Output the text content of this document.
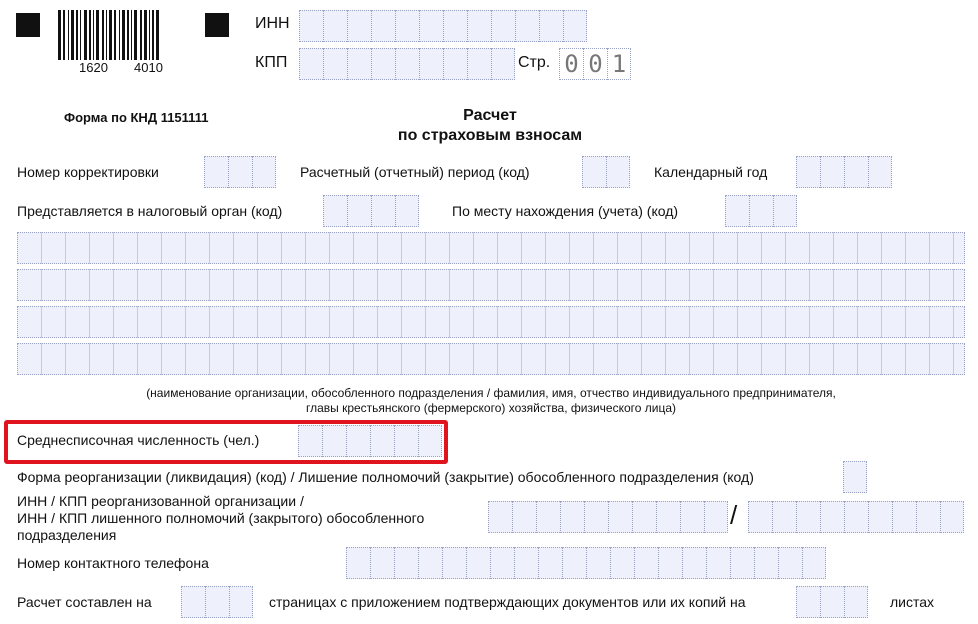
1620 4010
ИНН
КПП	Стр. 0 0 1
Форма по КНД 1151111	Расчет
по страховым взносам
Номер корректировки	Расчетный (отчетный) период (код)	Календарный год
Представляется в налоговый орган (код)	По месту нахождения (учета) (код)
(наименование организации, обособленного подразделения / фамилия, имя, отчество индивидуального предпринимателя,
главы крестьянского (фермерского) хозяйства, физического лица)
Среднесписочная численность (чел.)
Форма реорганизации (ликвидация) (код) / Лишение полномочий (закрытие) обособленного подразделения (код)
ИНН / КПП реорганизованной организации /
ИНН / КПП лишенного полномочий (закрытого) обособленного
подразделения
/
Номер контактного телефона
Расчет составлен на	страницах с приложением подтверждающих документов или их копий на	листах
